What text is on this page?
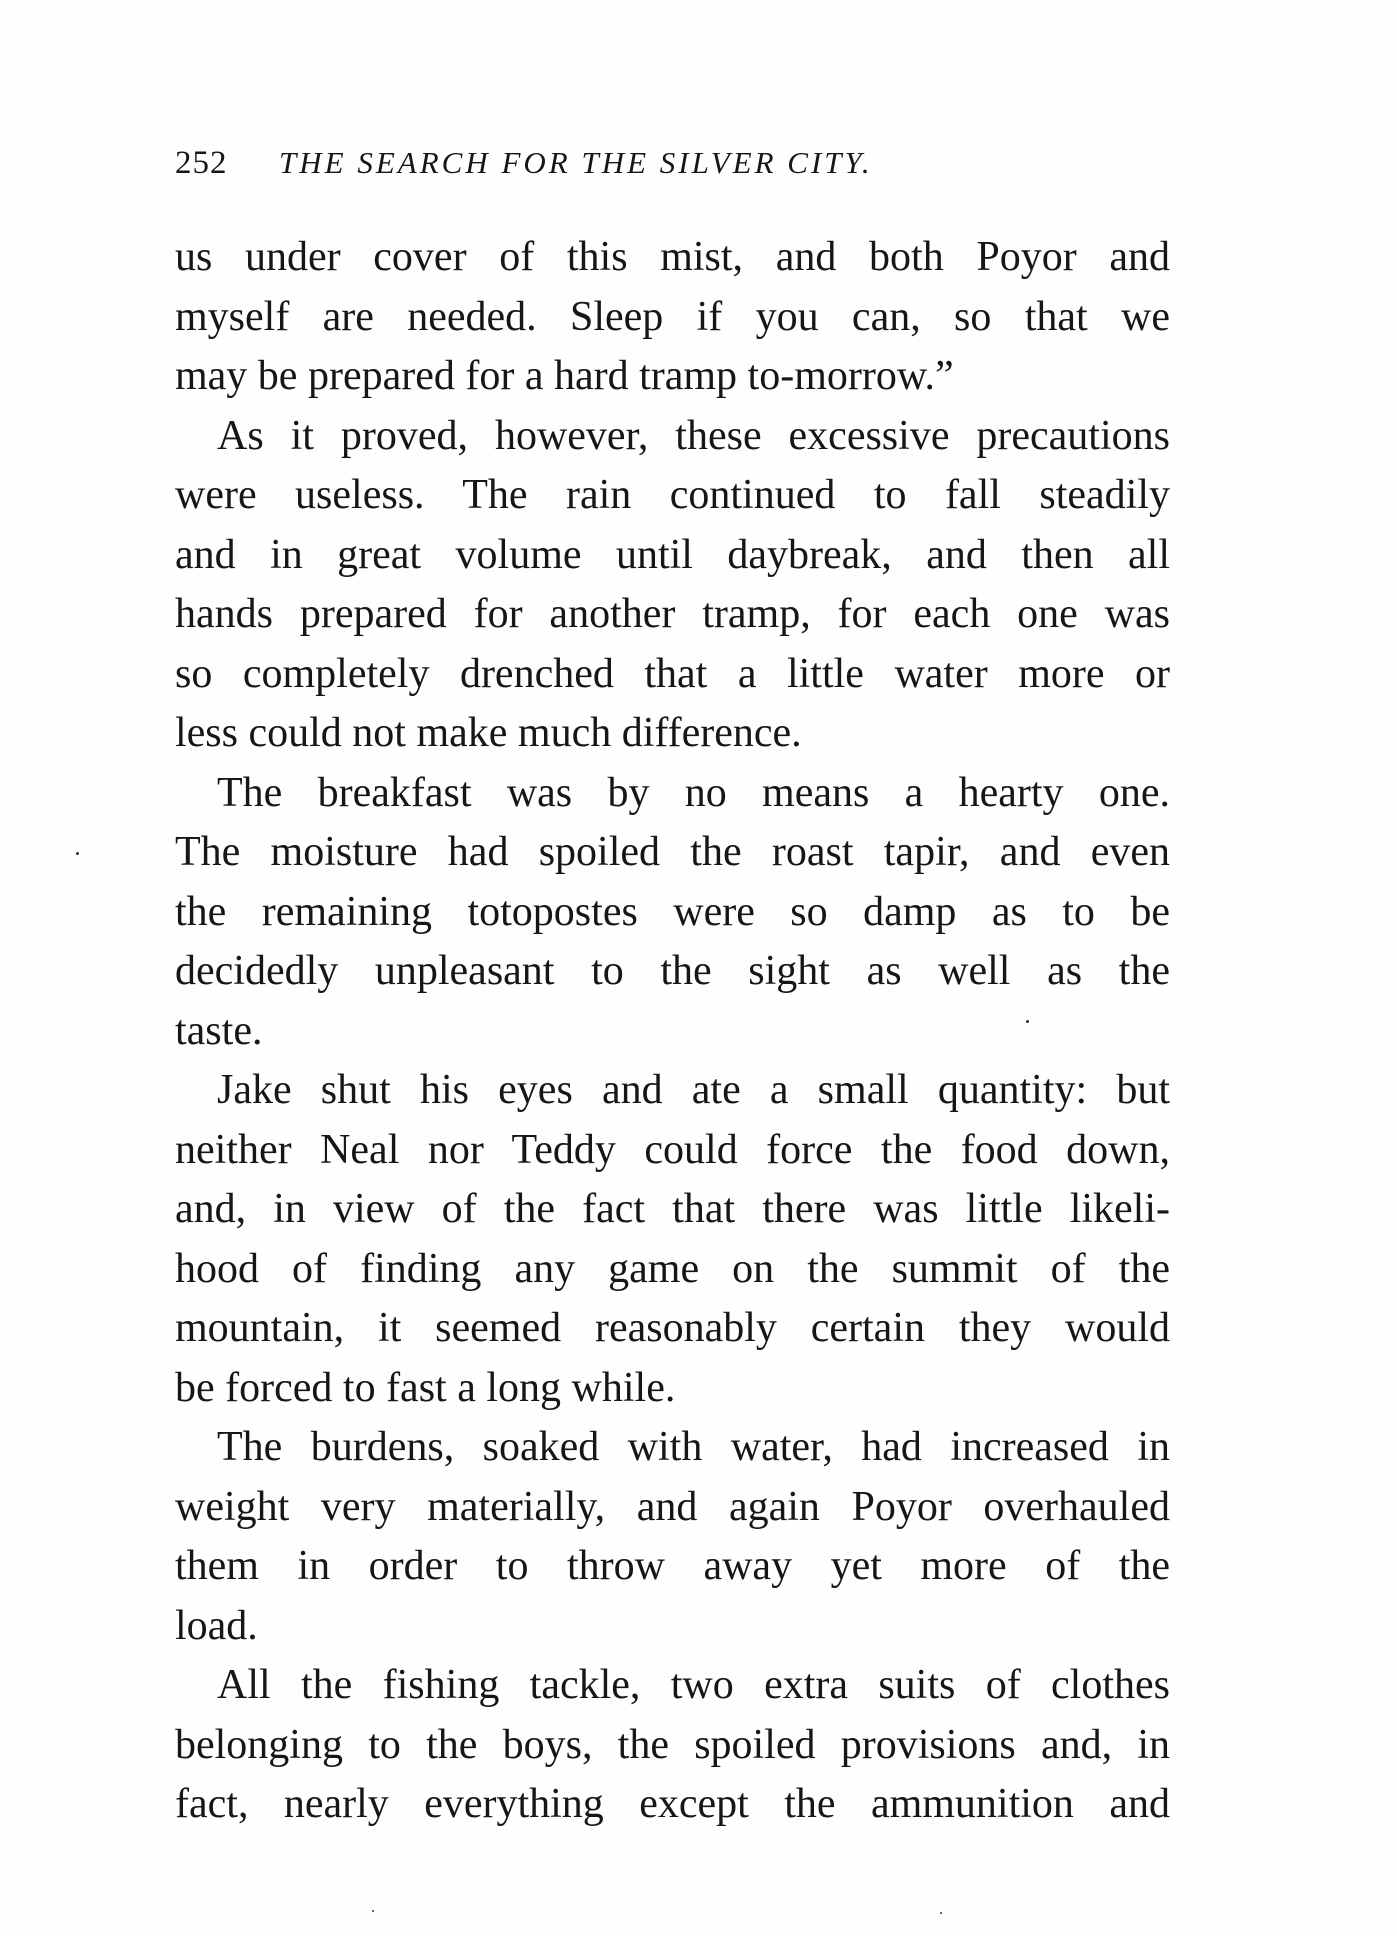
252 THE SEARCH FOR THE SILVER CITY.
us under cover of this mist, and both Poyor and
myself are needed. Sleep if you can, so that we
may be prepared for a hard tramp to-morrow.”
As it proved, however, these excessive precautions
were useless. The rain continued to fall steadily
and in great volume until daybreak, and then all
hands prepared for another tramp, for each one was
so completely drenched that a little water more or
less could not make much difference.
The breakfast was by no means a hearty one.
The moisture had spoiled the roast tapir, and even
the remaining totopostes were so damp as to be
decidedly unpleasant to the sight as well as the
taste.
Jake shut his eyes and ate a small quantity: but
neither Neal nor Teddy could force the food down,
and, in view of the fact that there was little likeli-
hood of finding any game on the summit of the
mountain, it seemed reasonably certain they would
be forced to fast a long while.
The burdens, soaked with water, had increased in
weight very materially, and again Poyor overhauled
them in order to throw away yet more of the
load.
All the fishing tackle, two extra suits of clothes
belonging to the boys, the spoiled provisions and, in
fact, nearly everything except the ammunition and
